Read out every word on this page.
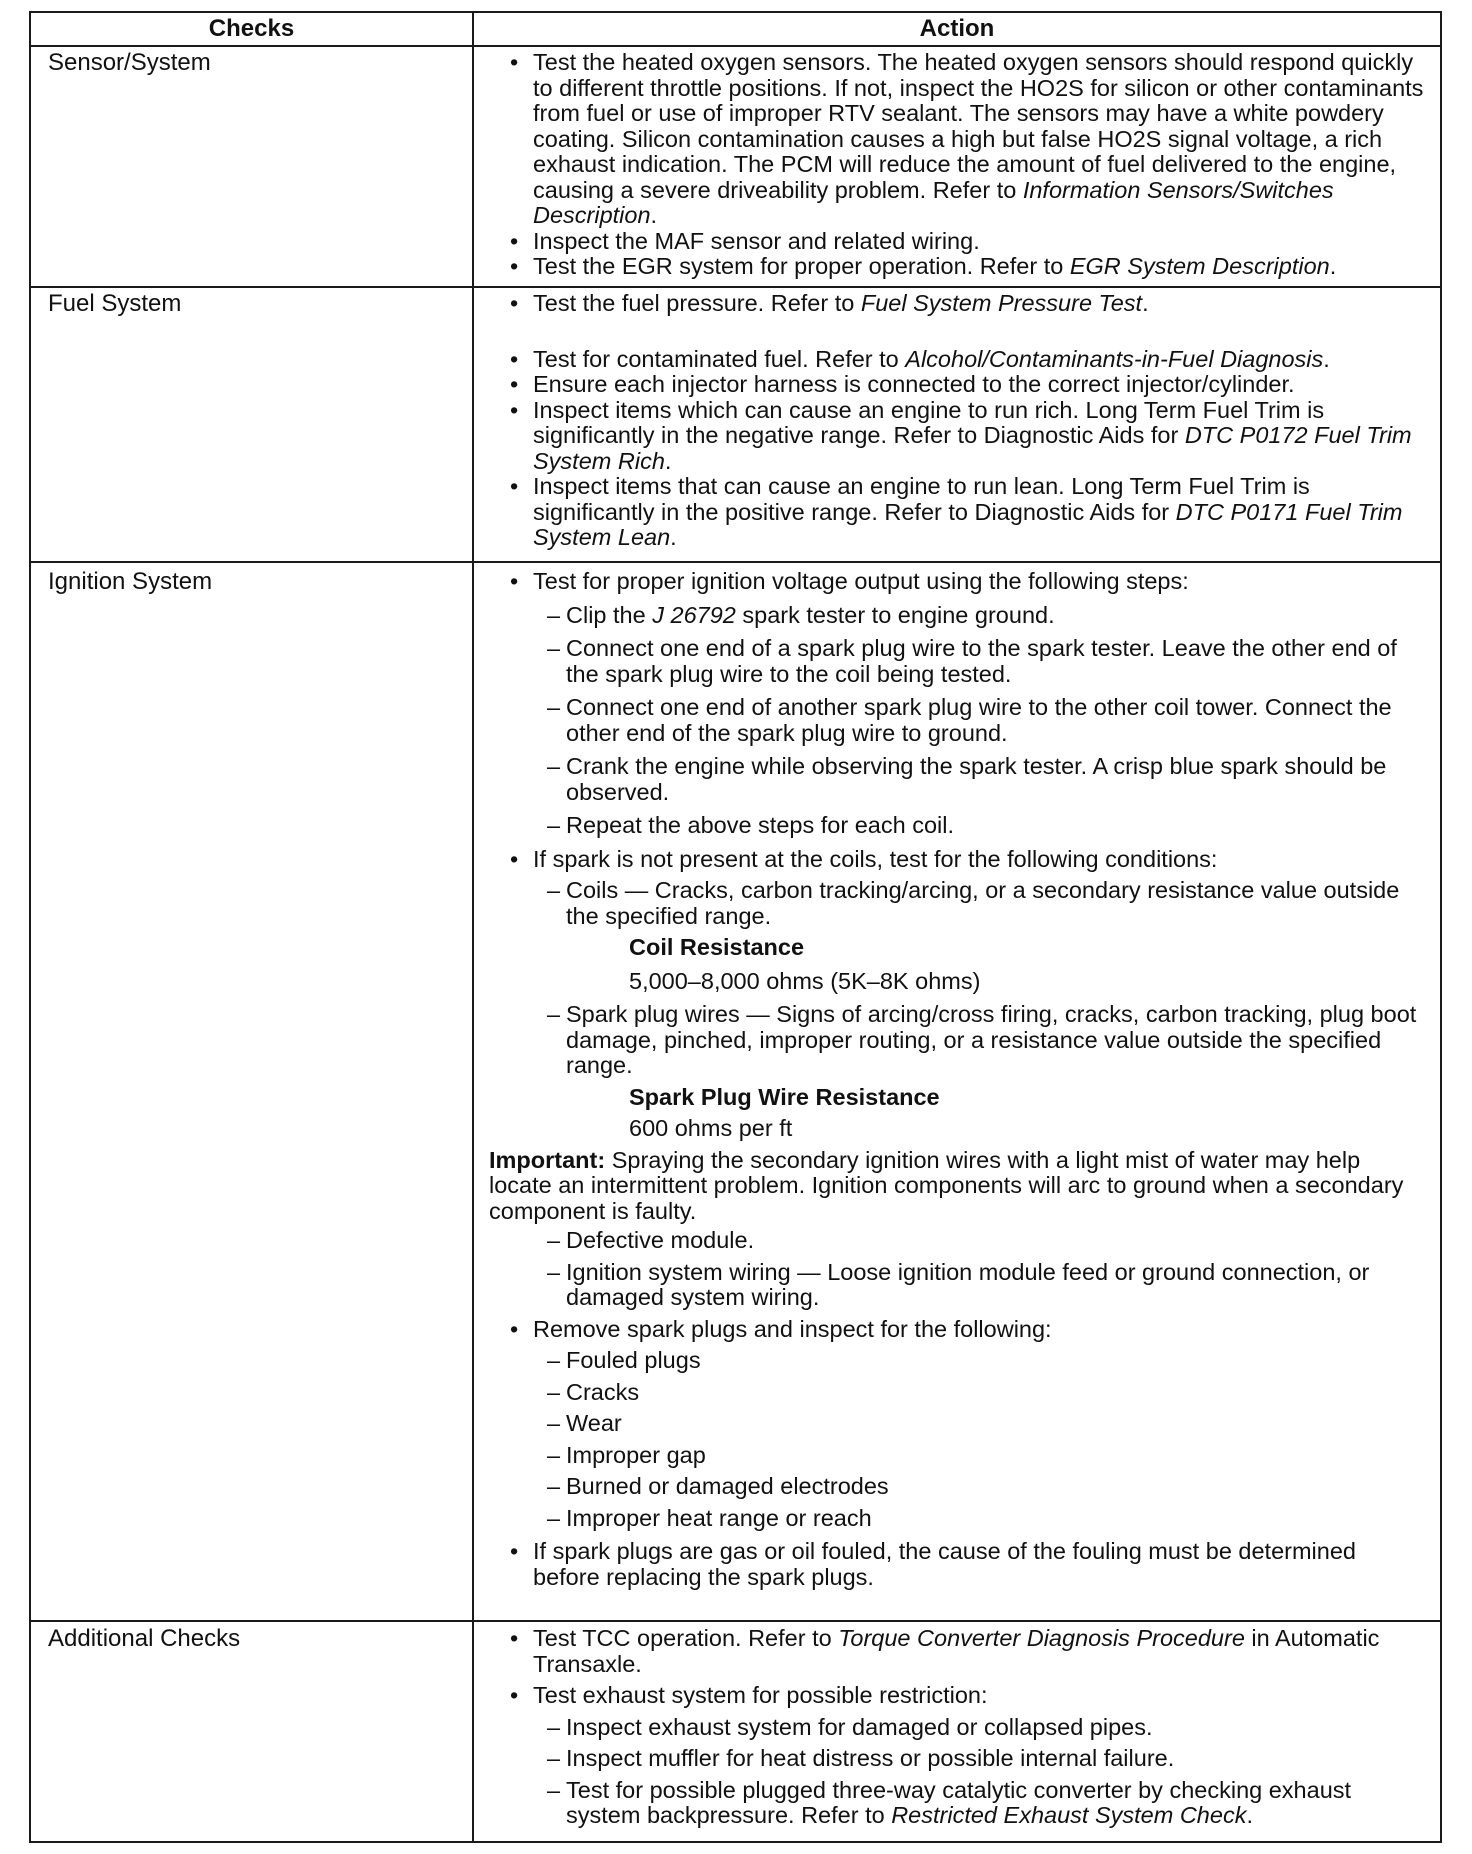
Checks	Action
Sensor/System	• Test the heated oxygen sensors. The heated oxygen sensors should respond quickly to different throttle positions. If not, inspect the HO2S for silicon or other contaminants from fuel or use of improper RTV sealant. The sensors may have a white powdery coating. Silicon contamination causes a high but false HO2S signal voltage, a rich exhaust indication. The PCM will reduce the amount of fuel delivered to the engine, causing a severe driveability problem. Refer to Information Sensors/Switches Description.
• Inspect the MAF sensor and related wiring.
• Test the EGR system for proper operation. Refer to EGR System Description.
Fuel System	• Test the fuel pressure. Refer to Fuel System Pressure Test.
• Test for contaminated fuel. Refer to Alcohol/Contaminants-in-Fuel Diagnosis.
• Ensure each injector harness is connected to the correct injector/cylinder.
• Inspect items which can cause an engine to run rich. Long Term Fuel Trim is significantly in the negative range. Refer to Diagnostic Aids for DTC P0172 Fuel Trim System Rich.
• Inspect items that can cause an engine to run lean. Long Term Fuel Trim is significantly in the positive range. Refer to Diagnostic Aids for DTC P0171 Fuel Trim System Lean.
Ignition System	• Test for proper ignition voltage output using the following steps:
– Clip the J 26792 spark tester to engine ground.
– Connect one end of a spark plug wire to the spark tester. Leave the other end of the spark plug wire to the coil being tested.
– Connect one end of another spark plug wire to the other coil tower. Connect the other end of the spark plug wire to ground.
– Crank the engine while observing the spark tester. A crisp blue spark should be observed.
– Repeat the above steps for each coil.
• If spark is not present at the coils, test for the following conditions:
– Coils — Cracks, carbon tracking/arcing, or a secondary resistance value outside the specified range.
Coil Resistance
5,000–8,000 ohms (5K–8K ohms)
– Spark plug wires — Signs of arcing/cross firing, cracks, carbon tracking, plug boot damage, pinched, improper routing, or a resistance value outside the specified range.
Spark Plug Wire Resistance
600 ohms per ft
Important: Spraying the secondary ignition wires with a light mist of water may help locate an intermittent problem. Ignition components will arc to ground when a secondary component is faulty.
– Defective module.
– Ignition system wiring — Loose ignition module feed or ground connection, or damaged system wiring.
• Remove spark plugs and inspect for the following:
– Fouled plugs
– Cracks
– Wear
– Improper gap
– Burned or damaged electrodes
– Improper heat range or reach
• If spark plugs are gas or oil fouled, the cause of the fouling must be determined before replacing the spark plugs.
Additional Checks	• Test TCC operation. Refer to Torque Converter Diagnosis Procedure in Automatic Transaxle.
• Test exhaust system for possible restriction:
– Inspect exhaust system for damaged or collapsed pipes.
– Inspect muffler for heat distress or possible internal failure.
– Test for possible plugged three-way catalytic converter by checking exhaust system backpressure. Refer to Restricted Exhaust System Check.
